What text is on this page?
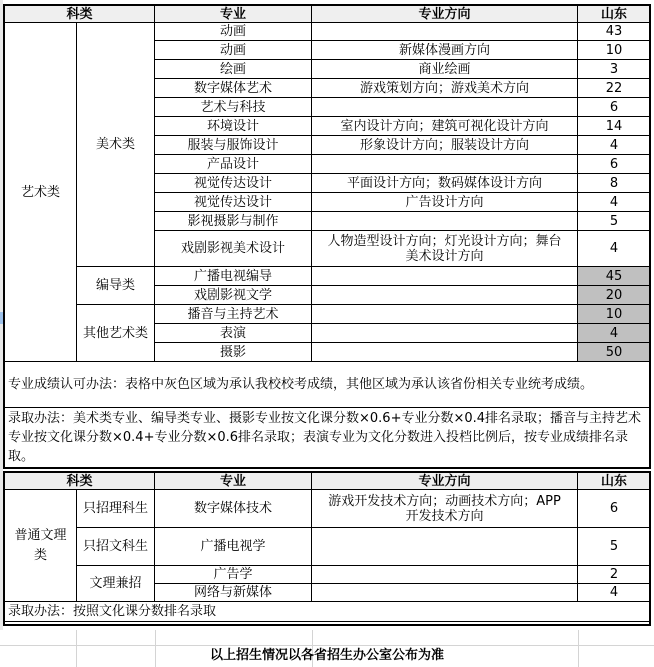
科类		专业	专业方向	山东
艺术类	美术类	动画		43
		动画	新媒体漫画方向	10
		绘画	商业绘画	3
		数字媒体艺术	游戏策划方向；游戏美术方向	22
		艺术与科技		6
		环境设计	室内设计方向；建筑可视化设计方向	14
		服装与服饰设计	形象设计方向；服装设计方向	4
		产品设计		6
		视觉传达设计	平面设计方向；数码媒体设计方向	8
		视觉传达设计	广告设计方向	4
		影视摄影与制作		5
		戏剧影视美术设计	人物造型设计方向；灯光设计方向；舞台美术设计方向	4
	编导类	广播电视编导		45
		戏剧影视文学		20
	其他艺术类	播音与主持艺术		10
		表演		4
		摄影		50
专业成绩认可办法：表格中灰色区域为承认我校校考成绩，其他区域为承认该省份相关专业统考成绩。				
录取办法：美术类专业、编导类专业、摄影专业按文化课分数×0.6+专业分数×0.4排名录取；播音与主持艺术专业按文化课分数×0.4+专业分数×0.6排名录取；表演专业为文化分数进入投档比例后，按专业成绩排名录取。				
科类		专业	专业方向	山东
普通文理类	只招理科生	数字媒体技术	游戏开发技术方向；动画技术方向；APP开发技术方向	6
	只招文科生	广播电视学		5
	文理兼招	广告学		2
		网络与新媒体		4
录取办法：按照文化课分数排名录取				
以上招生情况以各省招生办公室公布为准
